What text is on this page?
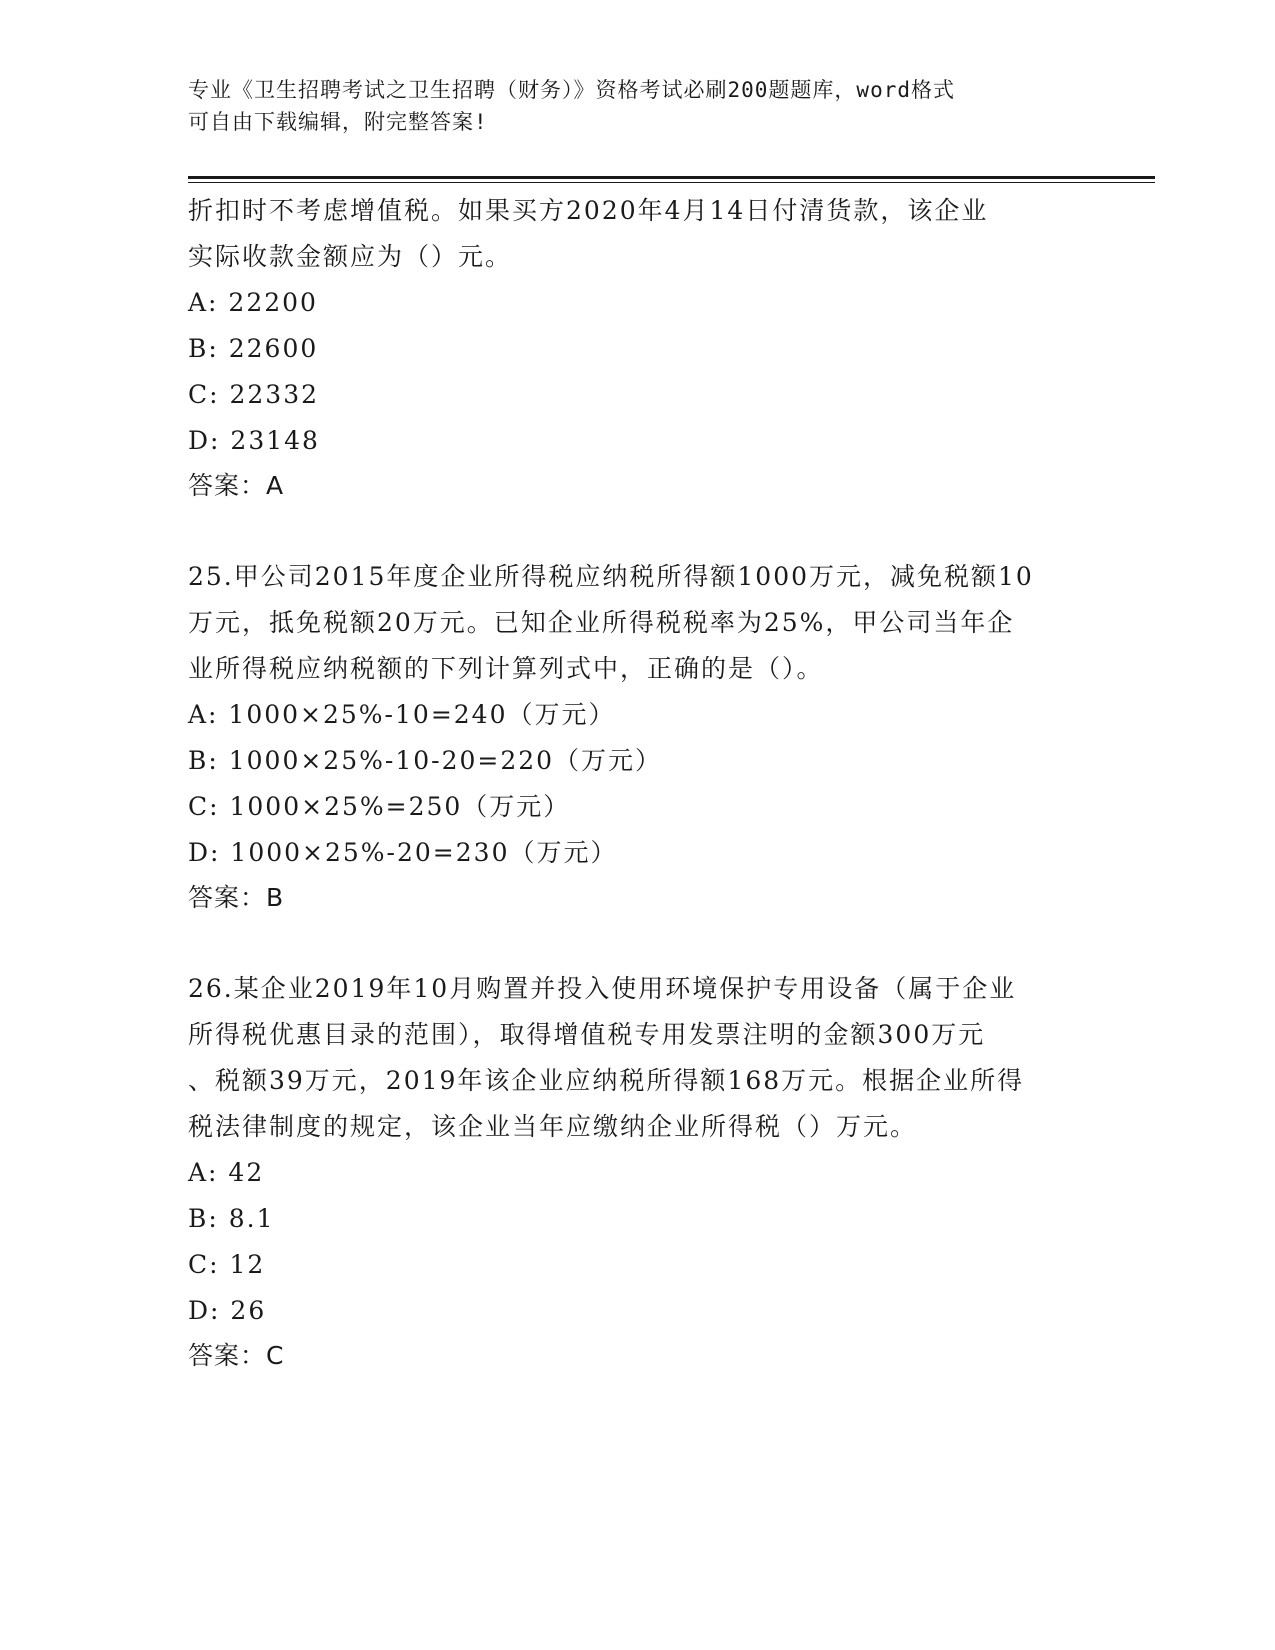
专业《卫生招聘考试之卫生招聘（财务）》资格考试必刷200题题库，word格式
可自由下载编辑，附完整答案!

折扣时不考虑增值税。如果买方2020年4月14日付清货款，该企业

实际收款金额应为（）元。

A: 22200

B: 22600

C: 22332

D: 23148

答案：A

25.甲公司2015年度企业所得税应纳税所得额1000万元，减免税额10

万元，抵免税额20万元。已知企业所得税税率为25%，甲公司当年企

业所得税应纳税额的下列计算列式中，正确的是（）。

A: 1000×25%-10=240（万元）

B: 1000×25%-10-20=220（万元）

C: 1000×25%=250（万元）

D: 1000×25%-20=230（万元）

答案：B

26.某企业2019年10月购置并投入使用环境保护专用设备（属于企业

所得税优惠目录的范围），取得增值税专用发票注明的金额300万元

、税额39万元，2019年该企业应纳税所得额168万元。根据企业所得

税法律制度的规定，该企业当年应缴纳企业所得税（）万元。

A: 42

B: 8.1

C: 12

D: 26

答案：C
